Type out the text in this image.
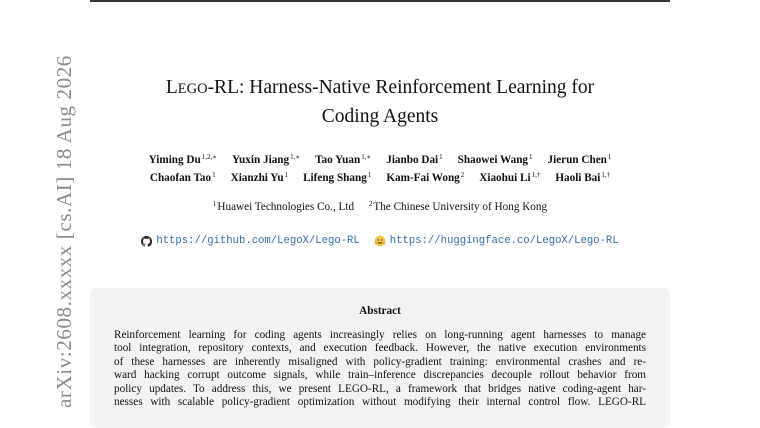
arXiv:2608.xxxxx [cs.AI] 18 Aug 2026	LEGO-RL: Harness-Native Reinforcement Learning for
Coding Agents
Yiming $Du^{1,2,∗}$ Yuxin Jiang$^{1,∗}$ Tao Yuan$^{1,∗}$ Jianbo Dai$^1$ Shaowei Wang$^1$ Jierun Chen$^1$
Chaofan Tao$^1$ Xianzhi Yu$^1$ Lifeng Shang$^1$ Kam-Fai Wong$^2$ Xiaohui $Li^{1,\dagger}$ Haoli Bai$^{1,\dagger}$
$^1$Huawei Technologies Co., Ltd $^2$The Chinese University of Hong Kong
https://github.com/LegoX/Lego-RL	https://huggingface.co/LegoX/Lego-RL
Abstract
Reinforcement learning for coding agents increasingly relies on long-running agent harnesses to manage
tool integration, repository contexts, and execution feedback. However, the native execution environments
of these harnesses are inherently misaligned with policy-gradient training: environmental crashes and re-
ward hacking corrupt outcome signals, while train–inference discrepancies decouple rollout behavior from
policy updates. To address this, we present LEGO-RL, a framework that bridges native coding-agent har-
nesses with scalable policy-gradient optimization without modifying their internal control flow. LEGO-RL
